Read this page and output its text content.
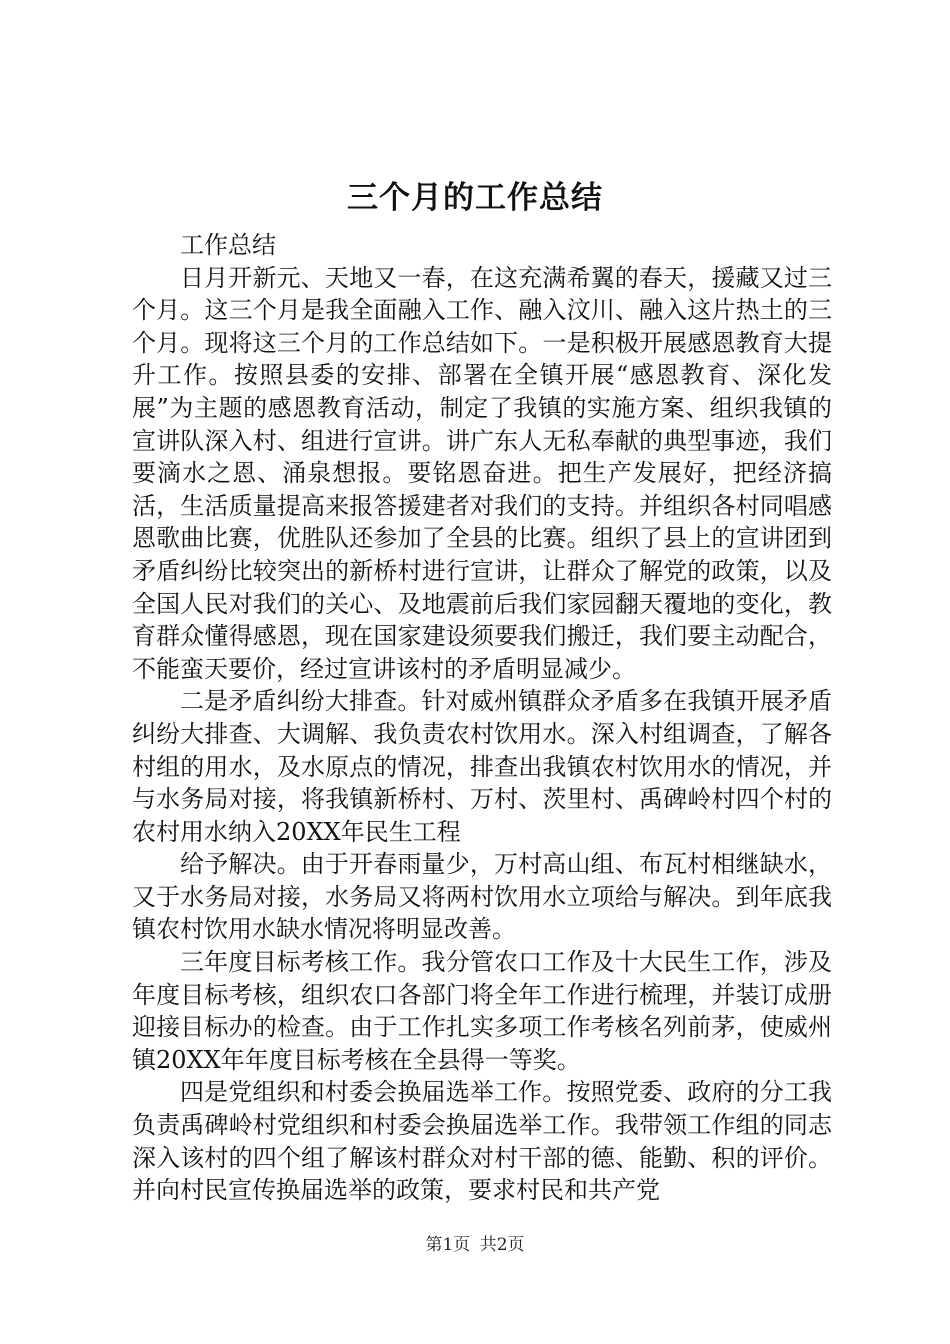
三个月的工作总结

工作总结

日月开新元、天地又一春，在这充满希翼的春天，援藏又过三个月。这三个月是我全面融入工作、融入汶川、融入这片热土的三个月。现将这三个月的工作总结如下。一是积极开展感恩教育大提升工作。按照县委的安排、部署在全镇开展“感恩教育、深化发展”为主题的感恩教育活动，制定了我镇的实施方案、组织我镇的宣讲队深入村、组进行宣讲。讲广东人无私奉献的典型事迹，我们要滴水之恩、涌泉想报。要铭恩奋进。把生产发展好，把经济搞活，生活质量提高来报答援建者对我们的支持。并组织各村同唱感恩歌曲比赛，优胜队还参加了全县的比赛。组织了县上的宣讲团到矛盾纠纷比较突出的新桥村进行宣讲，让群众了解党的政策，以及全国人民对我们的关心、及地震前后我们家园翻天覆地的变化，教育群众懂得感恩，现在国家建设须要我们搬迁，我们要主动配合，不能蛮天要价，经过宣讲该村的矛盾明显减少。

二是矛盾纠纷大排查。针对威州镇群众矛盾多在我镇开展矛盾纠纷大排查、大调解、我负责农村饮用水。深入村组调查，了解各村组的用水，及水原点的情况，排查出我镇农村饮用水的情况，并与水务局对接，将我镇新桥村、万村、茨里村、禹碑岭村四个村的农村用水纳入20XX年民生工程

给予解决。由于开春雨量少，万村高山组、布瓦村相继缺水，又于水务局对接，水务局又将两村饮用水立项给与解决。到年底我镇农村饮用水缺水情况将明显改善。

三年度目标考核工作。我分管农口工作及十大民生工作，涉及年度目标考核，组织农口各部门将全年工作进行梳理，并装订成册迎接目标办的检查。由于工作扎实多项工作考核名列前茅，使威州镇20XX年年度目标考核在全县得一等奖。

四是党组织和村委会换届选举工作。按照党委、政府的分工我负责禹碑岭村党组织和村委会换届选举工作。我带领工作组的同志深入该村的四个组了解该村群众对村干部的德、能勤、积的评价。并向村民宣传换届选举的政策，要求村民和共产党

第1页 共2页
